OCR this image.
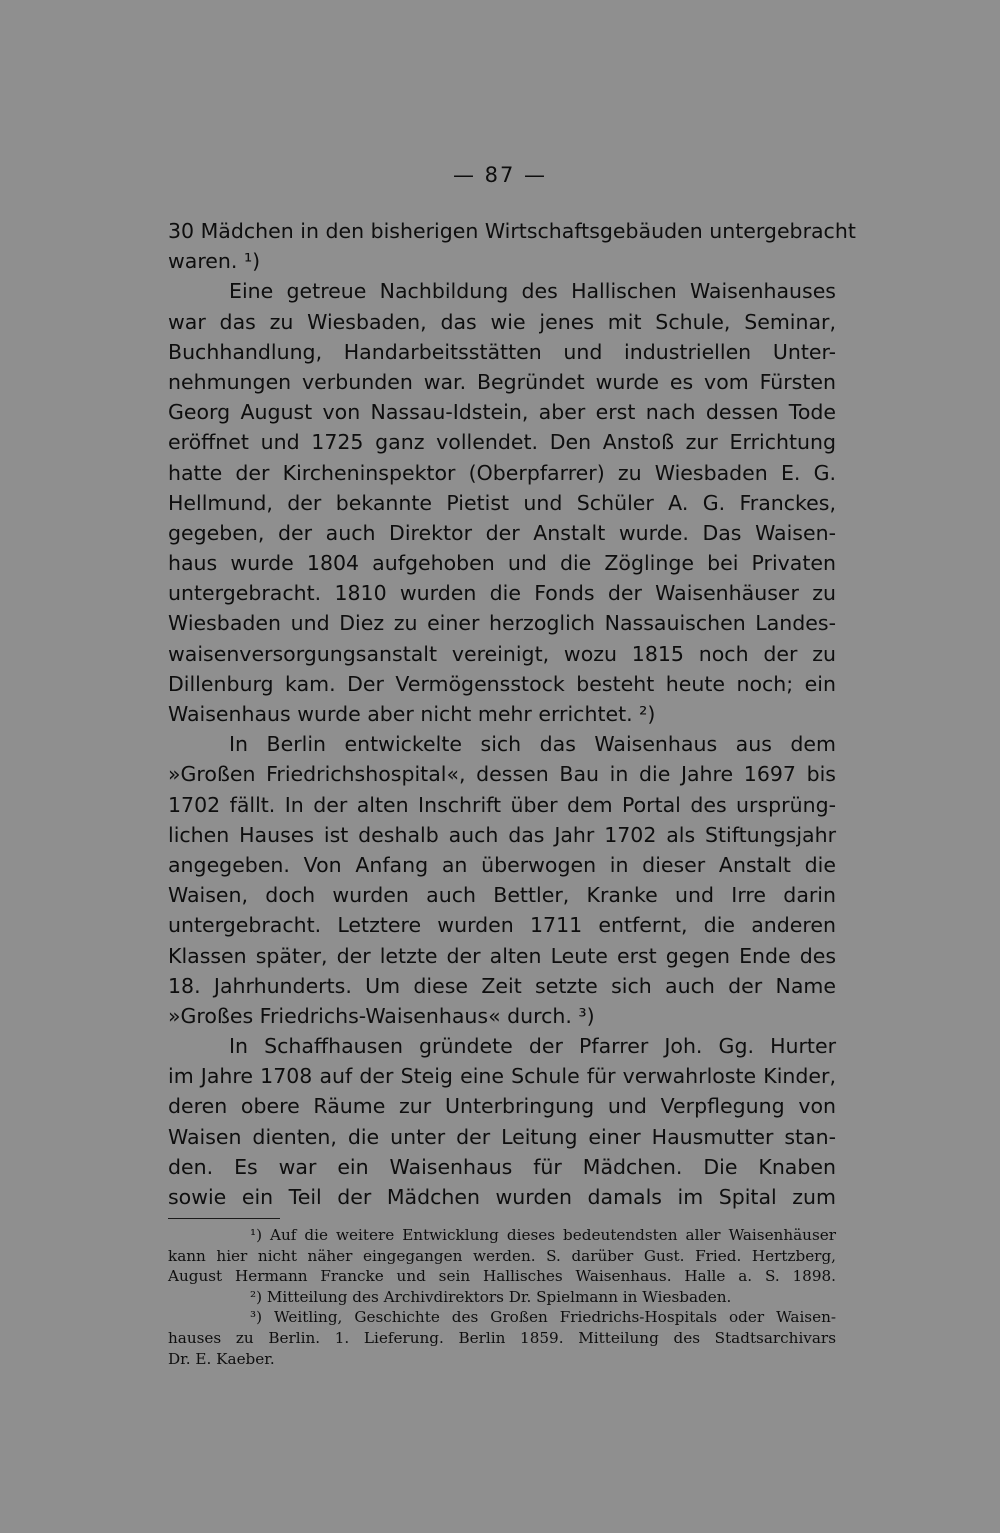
— 87 —
30 Mädchen in den bisherigen Wirtschaftsgebäuden untergebracht
waren. ¹)
Eine getreue Nachbildung des Hallischen Waisenhauses
war das zu Wiesbaden, das wie jenes mit Schule, Seminar,
Buchhandlung, Handarbeitsstätten und industriellen Unter-
nehmungen verbunden war. Begründet wurde es vom Fürsten
Georg August von Nassau-Idstein, aber erst nach dessen Tode
eröffnet und 1725 ganz vollendet. Den Anstoß zur Errichtung
hatte der Kircheninspektor (Oberpfarrer) zu Wiesbaden E. G.
Hellmund, der bekannte Pietist und Schüler A. G. Franckes,
gegeben, der auch Direktor der Anstalt wurde. Das Waisen-
haus wurde 1804 aufgehoben und die Zöglinge bei Privaten
untergebracht. 1810 wurden die Fonds der Waisenhäuser zu
Wiesbaden und Diez zu einer herzoglich Nassauischen Landes-
waisenversorgungsanstalt vereinigt, wozu 1815 noch der zu
Dillenburg kam. Der Vermögensstock besteht heute noch; ein
Waisenhaus wurde aber nicht mehr errichtet. ²)
In Berlin entwickelte sich das Waisenhaus aus dem
»Großen Friedrichshospital«, dessen Bau in die Jahre 1697 bis
1702 fällt. In der alten Inschrift über dem Portal des ursprüng-
lichen Hauses ist deshalb auch das Jahr 1702 als Stiftungsjahr
angegeben. Von Anfang an überwogen in dieser Anstalt die
Waisen, doch wurden auch Bettler, Kranke und Irre darin
untergebracht. Letztere wurden 1711 entfernt, die anderen
Klassen später, der letzte der alten Leute erst gegen Ende des
18. Jahrhunderts. Um diese Zeit setzte sich auch der Name
»Großes Friedrichs-Waisenhaus« durch. ³)
In Schaffhausen gründete der Pfarrer Joh. Gg. Hurter
im Jahre 1708 auf der Steig eine Schule für verwahrloste Kinder,
deren obere Räume zur Unterbringung und Verpflegung von
Waisen dienten, die unter der Leitung einer Hausmutter stan-
den. Es war ein Waisenhaus für Mädchen. Die Knaben
sowie ein Teil der Mädchen wurden damals im Spital zum
¹) Auf die weitere Entwicklung dieses bedeutendsten aller Waisenhäuser
kann hier nicht näher eingegangen werden. S. darüber Gust. Fried. Hertzberg,
August Hermann Francke und sein Hallisches Waisenhaus. Halle a. S. 1898.
²) Mitteilung des Archivdirektors Dr. Spielmann in Wiesbaden.
³) Weitling, Geschichte des Großen Friedrichs-Hospitals oder Waisen-
hauses zu Berlin. 1. Lieferung. Berlin 1859. Mitteilung des Stadtsarchivars
Dr. E. Kaeber.
